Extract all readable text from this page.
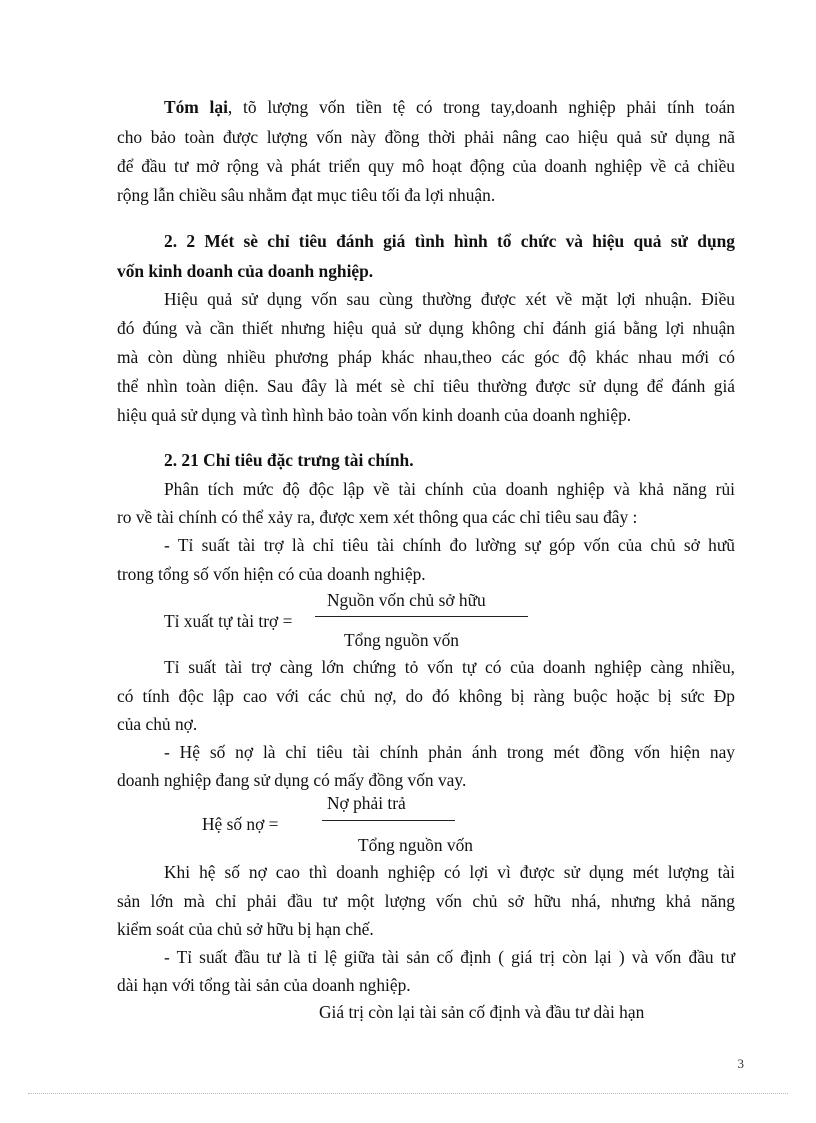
Tóm lại, tõ lượng vốn tiền tệ có trong tay,doanh nghiệp phải tính toán
cho bảo toàn được lượng vốn này đồng thời phải nâng cao hiệu quả sử dụng nã
để đầu tư mở rộng và phát triển quy mô hoạt động của doanh nghiệp về cả chiều
rộng lẫn chiều sâu nhằm đạt mục tiêu tối đa lợi nhuận.
2. 2 Mét sè chỉ tiêu đánh giá tình hình tổ chức và hiệu quả sử dụng
vốn kinh doanh của doanh nghiệp.
Hiệu quả sử dụng vốn sau cùng thường được xét về mặt lợi nhuận. Điều
đó đúng và cần thiết nhưng hiệu quả sử dụng không chỉ đánh giá bằng lợi nhuận
mà còn dùng nhiều phương pháp khác nhau,theo các góc độ khác nhau mới có
thể nhìn toàn diện. Sau đây là mét sè chỉ tiêu thường được sử dụng để đánh giá
hiệu quả sử dụng và tình hình bảo toàn vốn kinh doanh của doanh nghiệp.
2. 21 Chỉ tiêu đặc trưng tài chính.
Phân tích mức độ độc lập về tài chính của doanh nghiệp và khả năng rủi
ro về tài chính có thể xảy ra, được xem xét thông qua các chỉ tiêu sau đây :
- Tỉ suất tài trợ là chỉ tiêu tài chính đo lường sự góp vốn của chủ sở hưũ
trong tổng số vốn hiện có của doanh nghiệp.
Tỉ xuất tự tài trợ =
Nguồn vốn chủ sở hữu
Tổng nguồn vốn
Tỉ suất tài trợ càng lớn chứng tỏ vốn tự có của doanh nghiệp càng nhiều,
có tính độc lập cao với các chủ nợ, do đó không bị ràng buộc hoặc bị sức Ðp
của chủ nợ.
- Hệ số nợ là chỉ tiêu tài chính phản ánh trong mét đồng vốn hiện nay
doanh nghiệp đang sử dụng có mấy đồng vốn vay.
Hệ số nợ =
Nợ phải trả
Tổng nguồn vốn
Khi hệ số nợ cao thì doanh nghiệp có lợi vì được sử dụng mét lượng tài
sản lớn mà chỉ phải đầu tư một lượng vốn chủ sở hữu nhá, nhưng khả năng
kiểm soát của chủ sở hữu bị hạn chế.
- Tỉ suất đầu tư là tỉ lệ giữa tài sản cố định ( giá trị còn lại ) và vốn đầu tư
dài hạn với tổng tài sản của doanh nghiệp.
Giá trị còn lại tài sản cố định và đầu tư dài hạn
3
